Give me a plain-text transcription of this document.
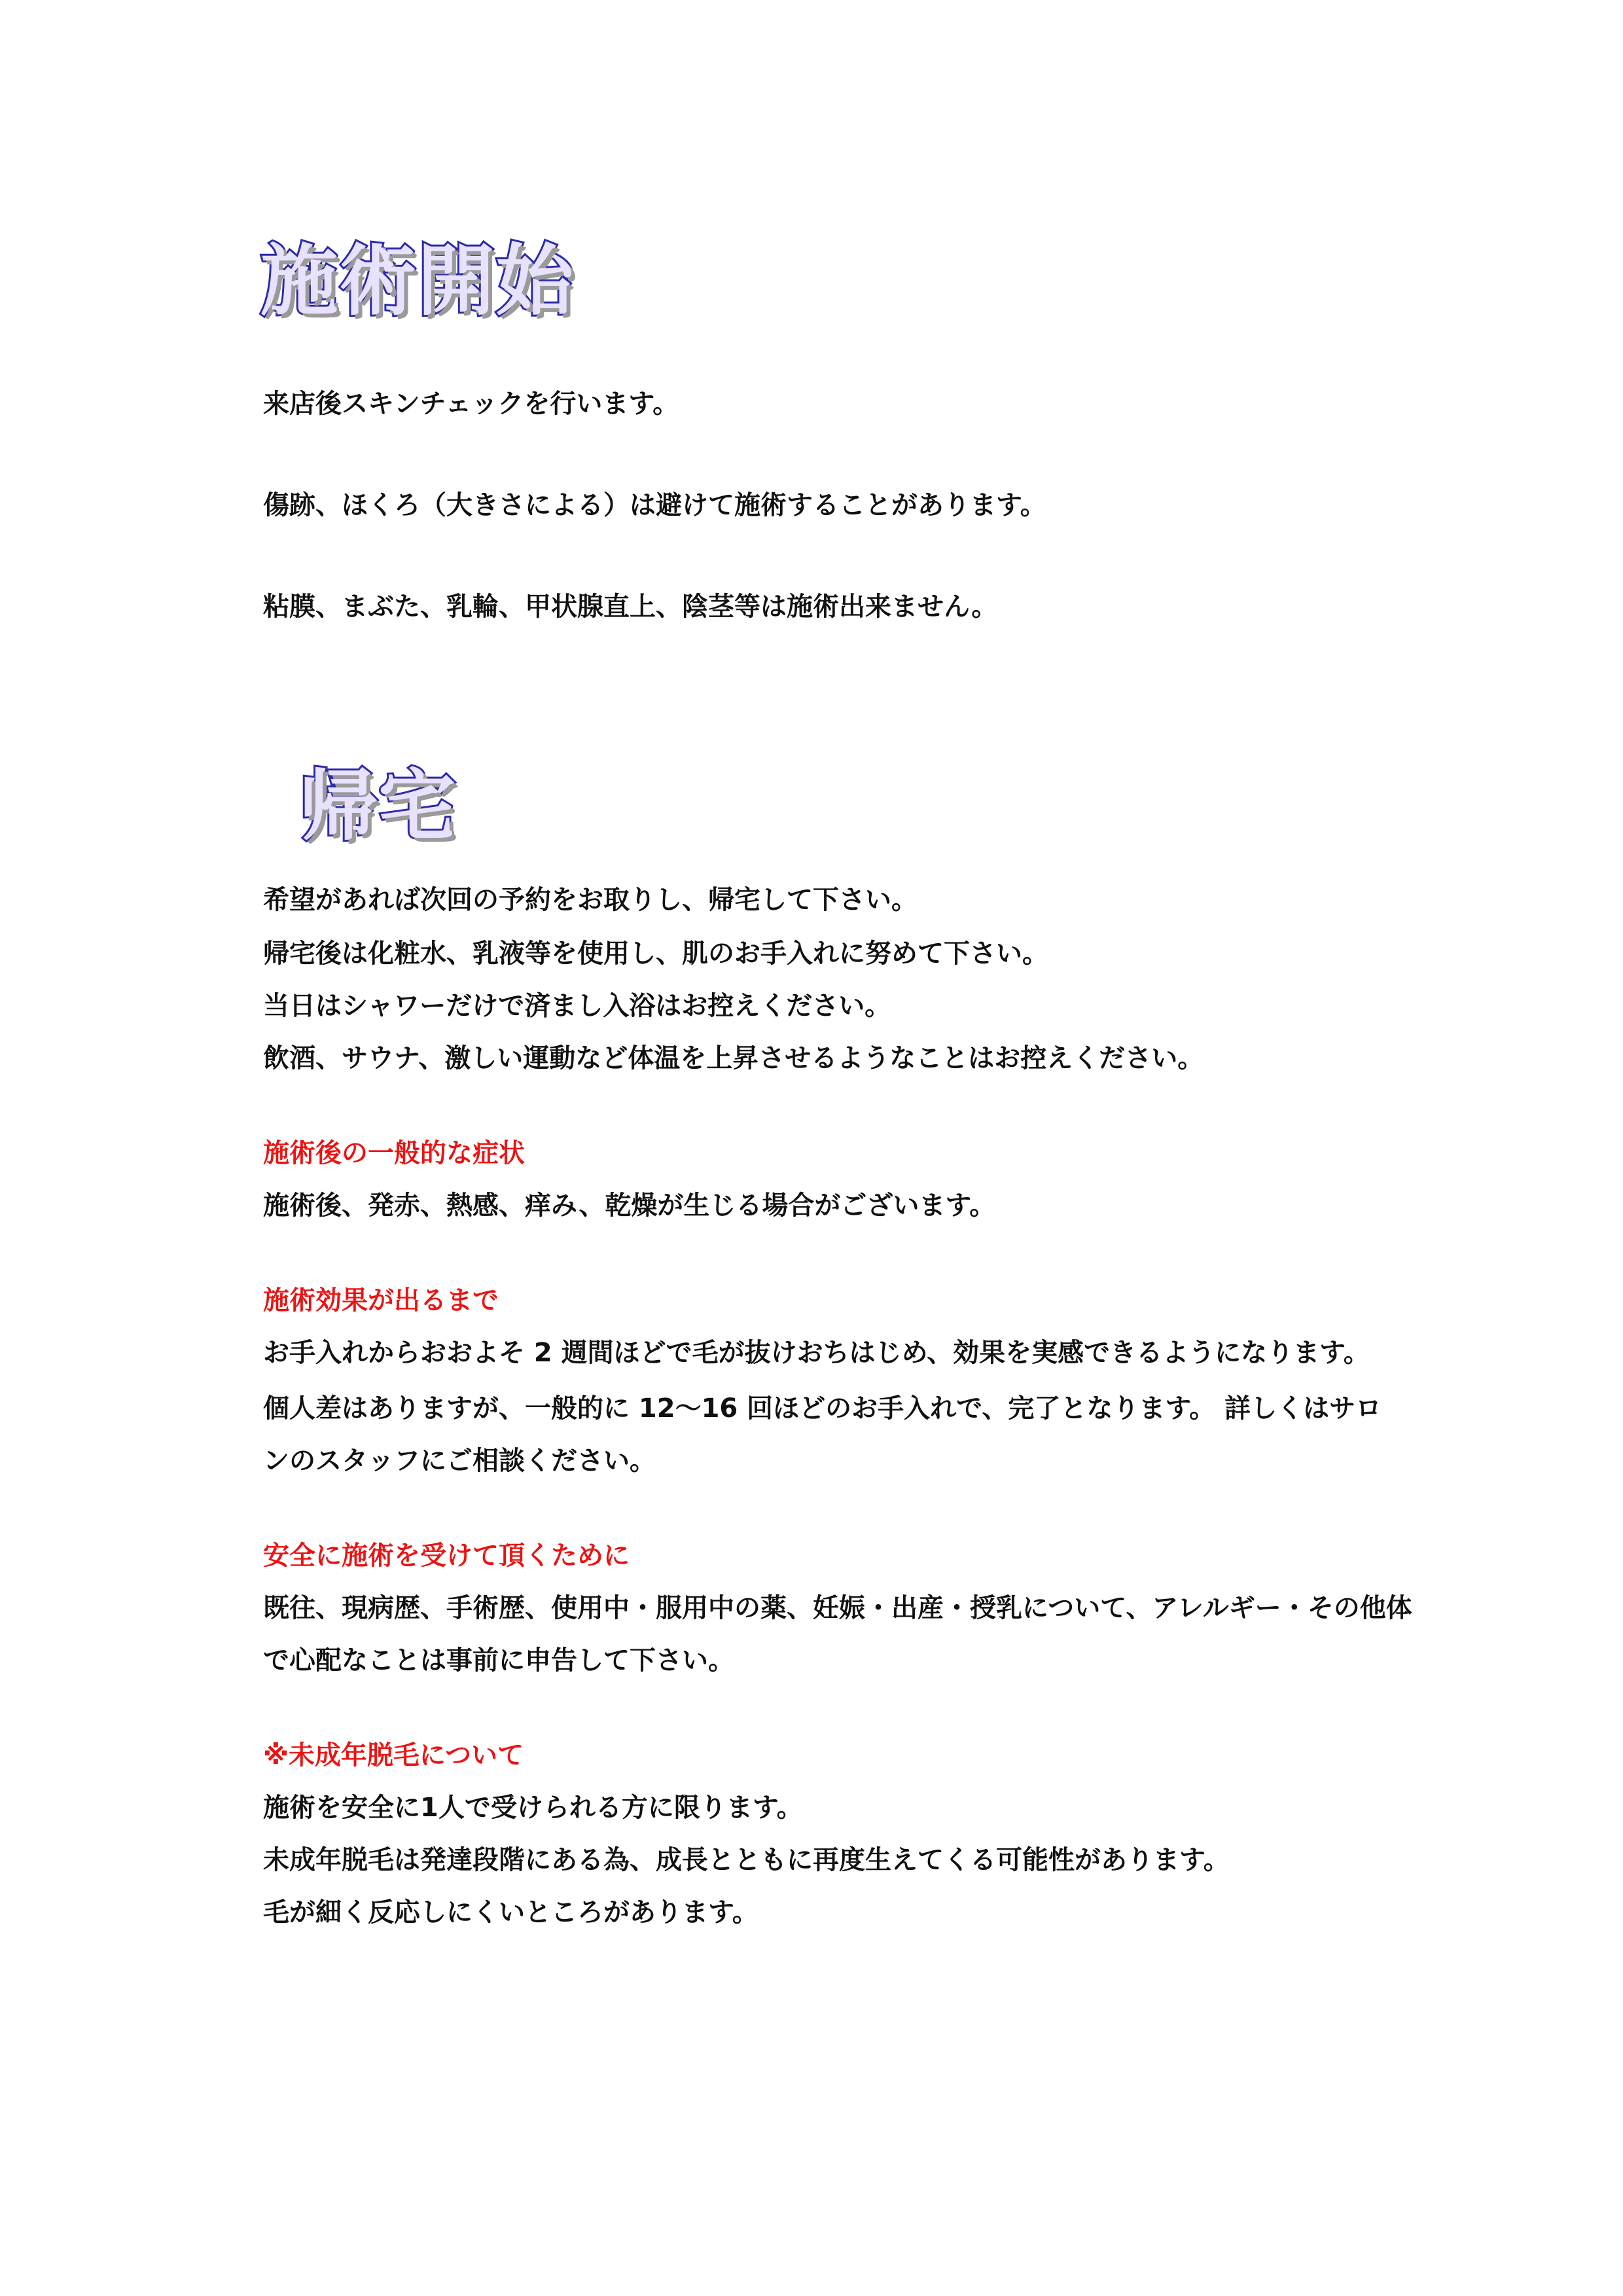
施術開始

来店後スキンチェックを行います。

傷跡、ほくろ（大きさによる）は避けて施術することがあります。

粘膜、まぶた、乳輪、甲状腺直上、陰茎等は施術出来ません。

帰宅

希望があれば次回の予約をお取りし、帰宅して下さい。

帰宅後は化粧水、乳液等を使用し、肌のお手入れに努めて下さい。

当日はシャワーだけで済まし入浴はお控えください。

飲酒、サウナ、激しい運動など体温を上昇させるようなことはお控えください。

施術後の一般的な症状

施術後、発赤、熱感、痒み、乾燥が生じる場合がございます。

施術効果が出るまで

お手入れからおおよそ 2 週間ほどで毛が抜けおちはじめ、効果を実感できるようになります。

個人差はありますが、一般的に 12～16 回ほどのお手入れで、完了となります。 詳しくはサロ

ンのスタッフにご相談ください。

安全に施術を受けて頂くために

既往、現病歴、手術歴、使用中・服用中の薬、妊娠・出産・授乳について、アレルギー・その他体

で心配なことは事前に申告して下さい。

※未成年脱毛について

施術を安全に1人で受けられる方に限ります。

未成年脱毛は発達段階にある為、成長とともに再度生えてくる可能性があります。

毛が細く反応しにくいところがあります。
